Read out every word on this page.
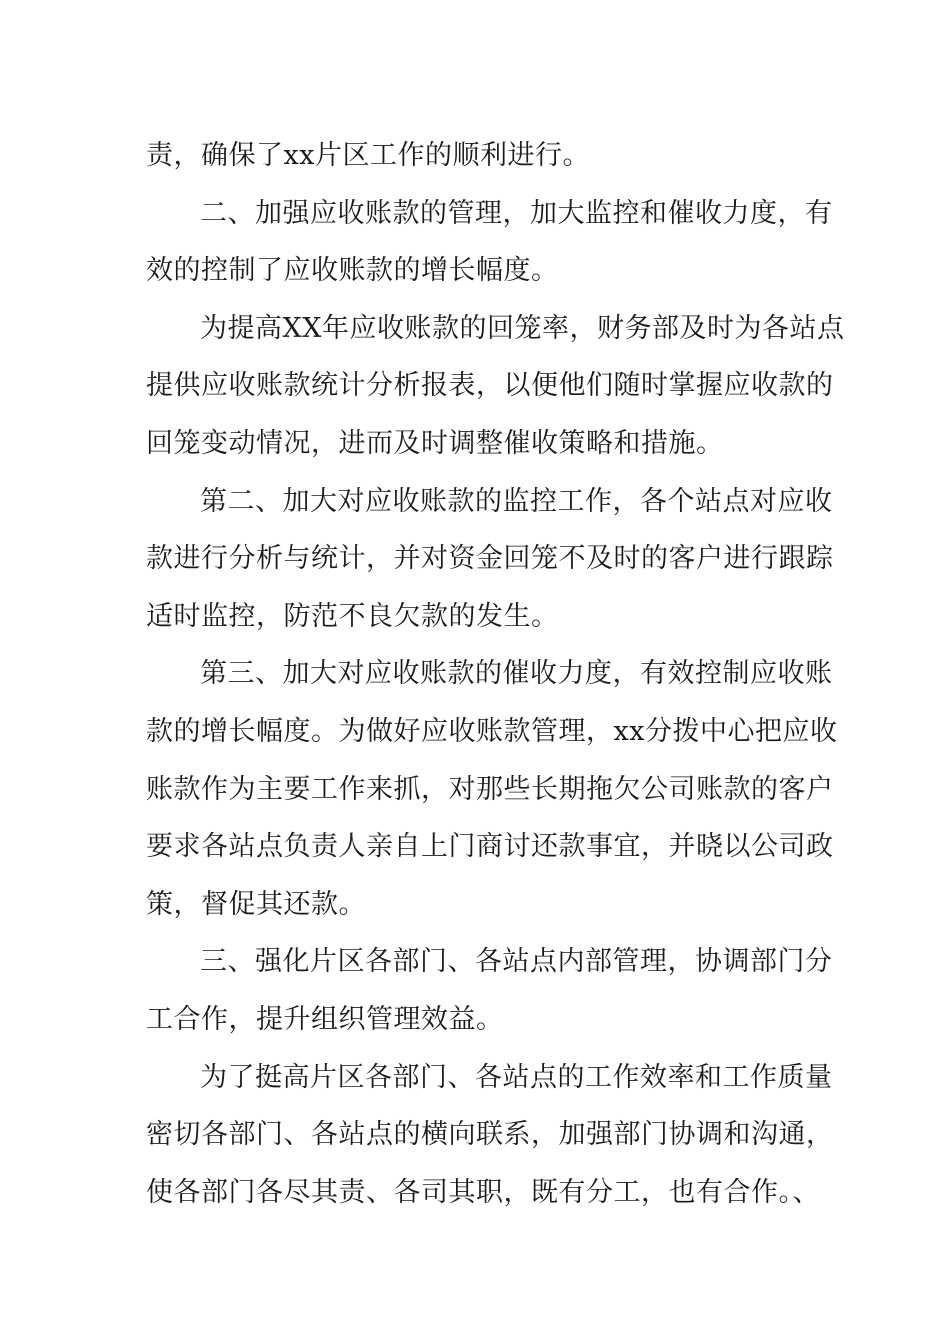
责，确保了xx片区工作的顺利进行。
二、加强应收账款的管理，加大监控和催收力度，有
效的控制了应收账款的增长幅度。
为提高XX年应收账款的回笼率，财务部及时为各站点
提供应收账款统计分析报表，以便他们随时掌握应收款的
回笼变动情况，进而及时调整催收策略和措施。
第二、加大对应收账款的监控工作，各个站点对应收
款进行分析与统计，并对资金回笼不及时的客户进行跟踪
适时监控，防范不良欠款的发生。
第三、加大对应收账款的催收力度，有效控制应收账
款的增长幅度。为做好应收账款管理，xx分拨中心把应收
账款作为主要工作来抓，对那些长期拖欠公司账款的客户
要求各站点负责人亲自上门商讨还款事宜，并晓以公司政
策，督促其还款。
三、强化片区各部门、各站点内部管理，协调部门分
工合作，提升组织管理效益。
为了挺高片区各部门、各站点的工作效率和工作质量
密切各部门、各站点的横向联系，加强部门协调和沟通，
使各部门各尽其责、各司其职，既有分工，也有合作。、
